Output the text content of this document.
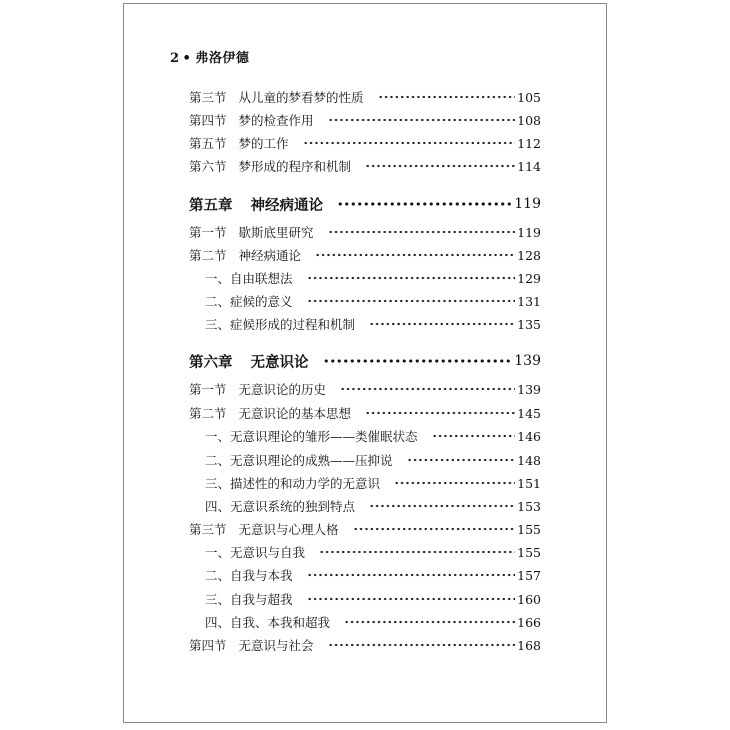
2 • 弗洛伊德
第三节 从儿童的梦看梦的性质	105
第四节 梦的检查作用	108
第五节 梦的工作	112
第六节 梦形成的程序和机制	114
第五章 神经病通论	119
第一节 歇斯底里研究	119
第二节 神经病通论	128
一、自由联想法	129
二、症候的意义	131
三、症候形成的过程和机制	135
第六章 无意识论	139
第一节 无意识论的历史	139
第二节 无意识论的基本思想	145
一、无意识理论的雏形——类催眠状态	146
二、无意识理论的成熟——压抑说	148
三、描述性的和动力学的无意识	151
四、无意识系统的独到特点	153
第三节 无意识与心理人格	155
一、无意识与自我	155
二、自我与本我	157
三、自我与超我	160
四、自我、本我和超我	166
第四节 无意识与社会	168
